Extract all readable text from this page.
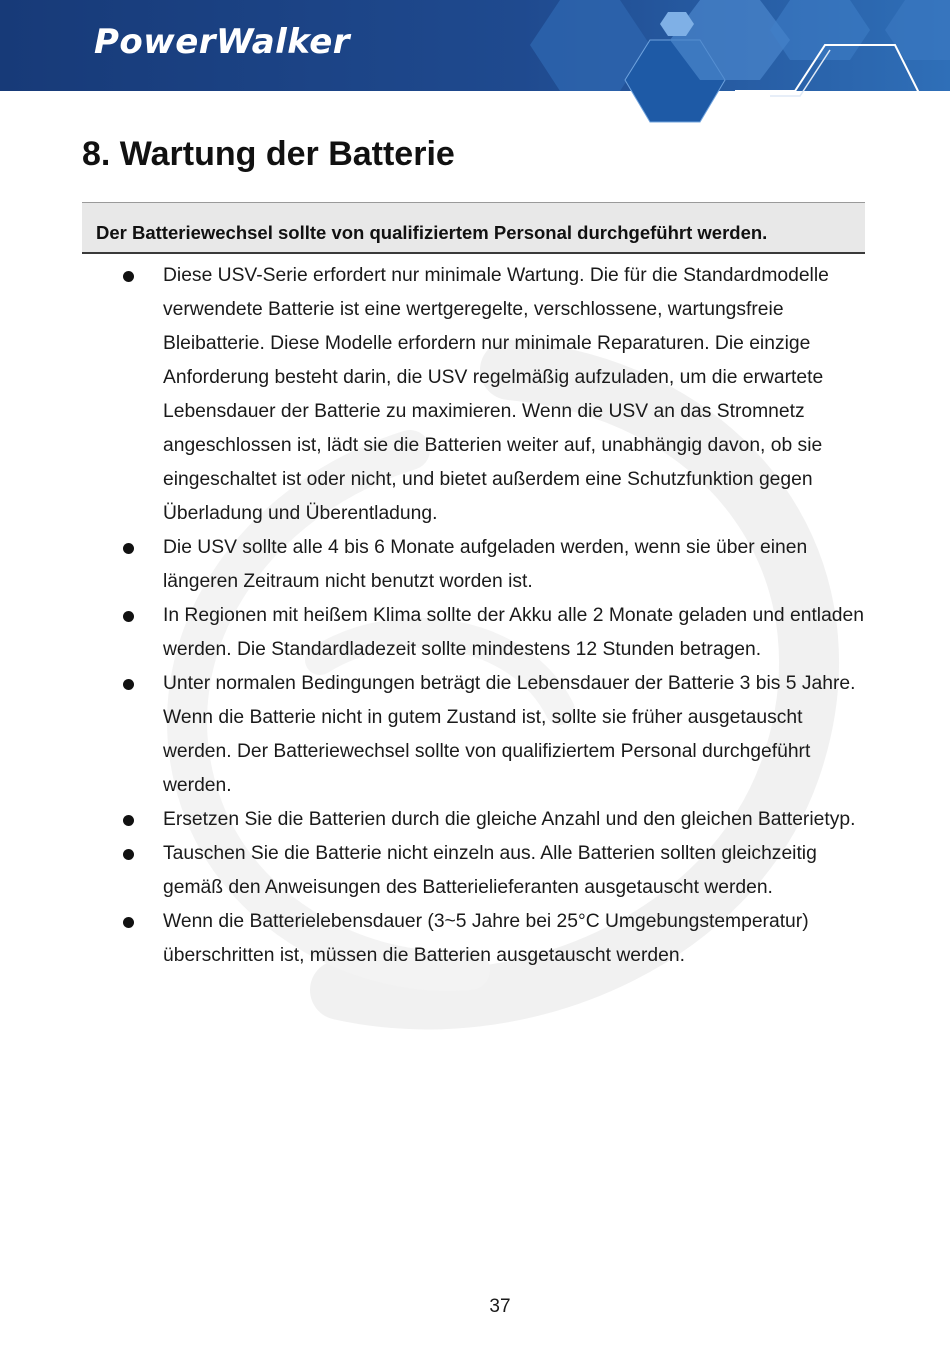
PowerWalker
8. Wartung der Batterie
Der Batteriewechsel sollte von qualifiziertem Personal durchgeführt werden.
Diese USV-Serie erfordert nur minimale Wartung. Die für die Standardmodelle verwendete Batterie ist eine wertgeregelte, verschlossene, wartungsfreie Bleibatterie. Diese Modelle erfordern nur minimale Reparaturen. Die einzige Anforderung besteht darin, die USV regelmäßig aufzuladen, um die erwartete Lebensdauer der Batterie zu maximieren. Wenn die USV an das Stromnetz angeschlossen ist, lädt sie die Batterien weiter auf, unabhängig davon, ob sie eingeschaltet ist oder nicht, und bietet außerdem eine Schutzfunktion gegen Überladung und Überentladung.
Die USV sollte alle 4 bis 6 Monate aufgeladen werden, wenn sie über einen längeren Zeitraum nicht benutzt worden ist.
In Regionen mit heißem Klima sollte der Akku alle 2 Monate geladen und entladen werden. Die Standardladezeit sollte mindestens 12 Stunden betragen.
Unter normalen Bedingungen beträgt die Lebensdauer der Batterie 3 bis 5 Jahre. Wenn die Batterie nicht in gutem Zustand ist, sollte sie früher ausgetauscht werden. Der Batteriewechsel sollte von qualifiziertem Personal durchgeführt werden.
Ersetzen Sie die Batterien durch die gleiche Anzahl und den gleichen Batterietyp.
Tauschen Sie die Batterie nicht einzeln aus. Alle Batterien sollten gleichzeitig gemäß den Anweisungen des Batterielieferanten ausgetauscht werden.
Wenn die Batterielebensdauer (3~5 Jahre bei 25°C Umgebungstemperatur) überschritten ist, müssen die Batterien ausgetauscht werden.
37
